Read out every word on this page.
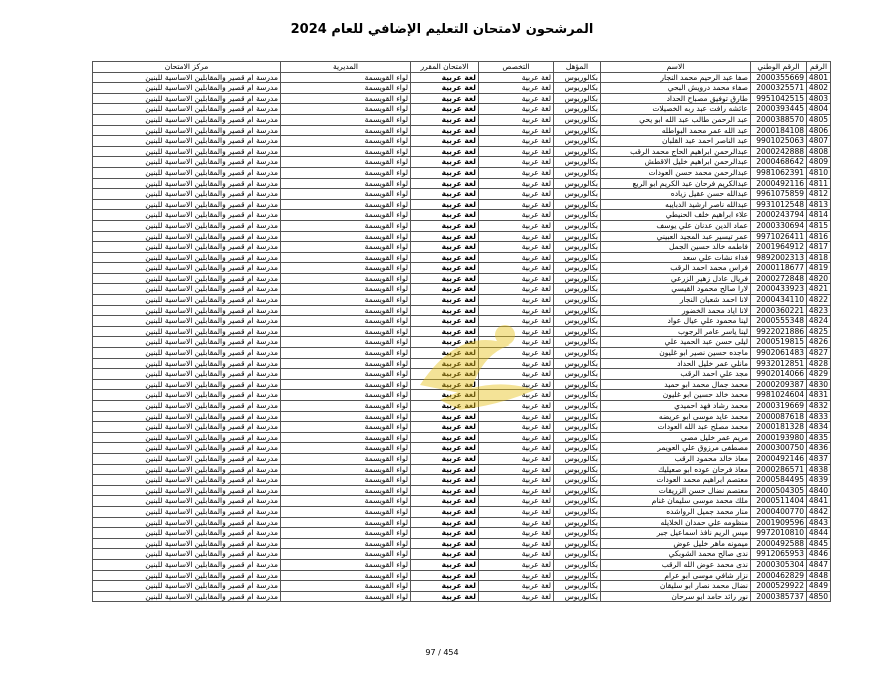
المرشحون لامتحان التعليم الإضافي للعام 2024
الرقم	الرقم الوطني	الاسم	المؤهل	التخصص	الامتحان المقرر	المديرية	مركز الامتحان
4801	2000355669	صفا عبد الرحيم محمد النجار	بكالوريوس	لغة عربية	لغة عربية	لواء القويسمة	مدرسة ام قصير والمقابلين الاساسية للبنين
4802	2000325571	صفاء محمد درويش البحي	بكالوريوس	لغة عربية	لغة عربية	لواء القويسمة	مدرسة ام قصير والمقابلين الاساسية للبنين
4803	9951042515	طارق توفيق مصباح الحداد	بكالوريوس	لغة عربية	لغة عربية	لواء القويسمة	مدرسة ام قصير والمقابلين الاساسية للبنين
4804	2000393445	عائشه رافت عبد ربه الخصيلات	بكالوريوس	لغة عربية	لغة عربية	لواء القويسمة	مدرسة ام قصير والمقابلين الاساسية للبنين
4805	2000388570	عبد الرحمن طالب عبد الله ابو يحي	بكالوريوس	لغة عربية	لغة عربية	لواء القويسمة	مدرسة ام قصير والمقابلين الاساسية للبنين
4806	2000184108	عبد الله عمر محمد البواطله	بكالوريوس	لغة عربية	لغة عربية	لواء القويسمة	مدرسة ام قصير والمقابلين الاساسية للبنين
4807	9901025063	عبد الناصر احمد عبد القلبان	بكالوريوس	لغة عربية	لغة عربية	لواء القويسمة	مدرسة ام قصير والمقابلين الاساسية للبنين
4808	2000242888	عبدالرحمن ابراهيم الحاج محمد الرقب	بكالوريوس	لغة عربية	لغة عربية	لواء القويسمة	مدرسة ام قصير والمقابلين الاساسية للبنين
4809	2000468642	عبدالرحمن ابراهيم خليل الاقطش	بكالوريوس	لغة عربية	لغة عربية	لواء القويسمة	مدرسة ام قصير والمقابلين الاساسية للبنين
4810	9981062391	عبدالرحمن محمد حسن العودات	بكالوريوس	لغة عربية	لغة عربية	لواء القويسمة	مدرسة ام قصير والمقابلين الاساسية للبنين
4811	2000492116	عبدالكريم فرحان عبد الكريم ابو الربع	بكالوريوس	لغة عربية	لغة عربية	لواء القويسمة	مدرسة ام قصير والمقابلين الاساسية للبنين
4812	9961075859	عبدالله حسن عقيل زياده	بكالوريوس	لغة عربية	لغة عربية	لواء القويسمة	مدرسة ام قصير والمقابلين الاساسية للبنين
4813	9931012548	عبدالله ناصر ارشيد الدبايبه	بكالوريوس	لغة عربية	لغة عربية	لواء القويسمة	مدرسة ام قصير والمقابلين الاساسية للبنين
4814	2000243794	علاء ابراهيم خلف الحنيطي	بكالوريوس	لغة عربية	لغة عربية	لواء القويسمة	مدرسة ام قصير والمقابلين الاساسية للبنين
4815	2000330694	عماد الدين عدنان علي يوسف	بكالوريوس	لغة عربية	لغة عربية	لواء القويسمة	مدرسة ام قصير والمقابلين الاساسية للبنين
4816	9971026411	عمر تيسير عبد المجيد العبيني	بكالوريوس	لغة عربية	لغة عربية	لواء القويسمة	مدرسة ام قصير والمقابلين الاساسية للبنين
4817	2001964912	فاطمه خالد حسين الجمل	بكالوريوس	لغة عربية	لغة عربية	لواء القويسمة	مدرسة ام قصير والمقابلين الاساسية للبنين
4818	9892002313	فداء نشات علي سعد	بكالوريوس	لغة عربية	لغة عربية	لواء القويسمة	مدرسة ام قصير والمقابلين الاساسية للبنين
4819	2000118677	فراس محمد احمد الرقب	بكالوريوس	لغة عربية	لغة عربية	لواء القويسمة	مدرسة ام قصير والمقابلين الاساسية للبنين
4820	2000272848	فريال عادل زهير الزرعي	بكالوريوس	لغة عربية	لغة عربية	لواء القويسمة	مدرسة ام قصير والمقابلين الاساسية للبنين
4821	2000433923	لارا صالح محمود القيسي	بكالوريوس	لغة عربية	لغة عربية	لواء القويسمة	مدرسة ام قصير والمقابلين الاساسية للبنين
4822	2000434110	لانا احمد شعبان النجار	بكالوريوس	لغة عربية	لغة عربية	لواء القويسمة	مدرسة ام قصير والمقابلين الاساسية للبنين
4823	2000360221	لانا اياد محمد الخضور	بكالوريوس	لغة عربية	لغة عربية	لواء القويسمة	مدرسة ام قصير والمقابلين الاساسية للبنين
4824	2000555348	لينا محمود علي عيال عواد	بكالوريوس	لغة عربية	لغة عربية	لواء القويسمة	مدرسة ام قصير والمقابلين الاساسية للبنين
4825	9922021886	لينا ياسر عامر الرجوب	بكالوريوس	لغة عربية	لغة عربية	لواء القويسمة	مدرسة ام قصير والمقابلين الاساسية للبنين
4826	2000519815	ليلى حسن عبد الحميد علي	بكالوريوس	لغة عربية	لغة عربية	لواء القويسمة	مدرسة ام قصير والمقابلين الاساسية للبنين
4827	9902061483	ماجده حسين نصير ابو غليون	بكالوريوس	لغة عربية	لغة عربية	لواء القويسمة	مدرسة ام قصير والمقابلين الاساسية للبنين
4828	9932012851	مانلي عمر خليل الحداد	بكالوريوس	لغة عربية	لغة عربية	لواء القويسمة	مدرسة ام قصير والمقابلين الاساسية للبنين
4829	9902014066	مجد علي احمد الرقب	بكالوريوس	لغة عربية	لغة عربية	لواء القويسمة	مدرسة ام قصير والمقابلين الاساسية للبنين
4830	2000209387	محمد جمال محمد ابو حميد	بكالوريوس	لغة عربية	لغة عربية	لواء القويسمة	مدرسة ام قصير والمقابلين الاساسية للبنين
4831	9981024604	محمد خالد حسين ابو غليون	بكالوريوس	لغة عربية	لغة عربية	لواء القويسمة	مدرسة ام قصير والمقابلين الاساسية للبنين
4832	2000319669	محمد رشاد فهد احميدي	بكالوريوس	لغة عربية	لغة عربية	لواء القويسمة	مدرسة ام قصير والمقابلين الاساسية للبنين
4833	2000087618	محمد عايد موسى ابو عريضه	بكالوريوس	لغة عربية	لغة عربية	لواء القويسمة	مدرسة ام قصير والمقابلين الاساسية للبنين
4834	2000181328	محمد مصلح عبد الله العودات	بكالوريوس	لغة عربية	لغة عربية	لواء القويسمة	مدرسة ام قصير والمقابلين الاساسية للبنين
4835	2000193980	مريم عمر خليل مصي	بكالوريوس	لغة عربية	لغة عربية	لواء القويسمة	مدرسة ام قصير والمقابلين الاساسية للبنين
4836	2000300750	مصطفى مرزوق علي العويمر	بكالوريوس	لغة عربية	لغة عربية	لواء القويسمة	مدرسة ام قصير والمقابلين الاساسية للبنين
4837	2000492146	معاذ خالد محمود الرقب	بكالوريوس	لغة عربية	لغة عربية	لواء القويسمة	مدرسة ام قصير والمقابلين الاساسية للبنين
4838	2000286571	معاذ فرحان عوده ابو صعيليك	بكالوريوس	لغة عربية	لغة عربية	لواء القويسمة	مدرسة ام قصير والمقابلين الاساسية للبنين
4839	2000584495	معتصم ابراهيم محمد العودات	بكالوريوس	لغة عربية	لغة عربية	لواء القويسمة	مدرسة ام قصير والمقابلين الاساسية للبنين
4840	2000504305	معتصم نضال حسن الزريقات	بكالوريوس	لغة عربية	لغة عربية	لواء القويسمة	مدرسة ام قصير والمقابلين الاساسية للبنين
4841	2000511404	ملك محمد موسى سليمان غنام	بكالوريوس	لغة عربية	لغة عربية	لواء القويسمة	مدرسة ام قصير والمقابلين الاساسية للبنين
4842	2000400770	منار محمد جميل الرواشده	بكالوريوس	لغة عربية	لغة عربية	لواء القويسمة	مدرسة ام قصير والمقابلين الاساسية للبنين
4843	2001909596	منظومه علي حمدان الخلايله	بكالوريوس	لغة عربية	لغة عربية	لواء القويسمة	مدرسة ام قصير والمقابلين الاساسية للبنين
4844	9972010810	ميس الريم نافذ اسماعيل جبر	بكالوريوس	لغة عربية	لغة عربية	لواء القويسمة	مدرسة ام قصير والمقابلين الاساسية للبنين
4845	2000492588	ميمونه ماهر خليل عوض	بكالوريوس	لغة عربية	لغة عربية	لواء القويسمة	مدرسة ام قصير والمقابلين الاساسية للبنين
4846	9912065953	ندى صالح محمد الشوبكي	بكالوريوس	لغة عربية	لغة عربية	لواء القويسمة	مدرسة ام قصير والمقابلين الاساسية للبنين
4847	2000305304	ندى محمد عوض الله الرقب	بكالوريوس	لغة عربية	لغة عربية	لواء القويسمة	مدرسة ام قصير والمقابلين الاساسية للبنين
4848	2000462829	نزار شافي موسى ابو عرام	بكالوريوس	لغة عربية	لغة عربية	لواء القويسمة	مدرسة ام قصير والمقابلين الاساسية للبنين
4849	2000529922	نضال محمد نصار ابو سليقان	بكالوريوس	لغة عربية	لغة عربية	لواء القويسمة	مدرسة ام قصير والمقابلين الاساسية للبنين
4850	2000385737	نور رائد حامد ابو سرحان	بكالوريوس	لغة عربية	لغة عربية	لواء القويسمة	مدرسة ام قصير والمقابلين الاساسية للبنين
97 / 454
